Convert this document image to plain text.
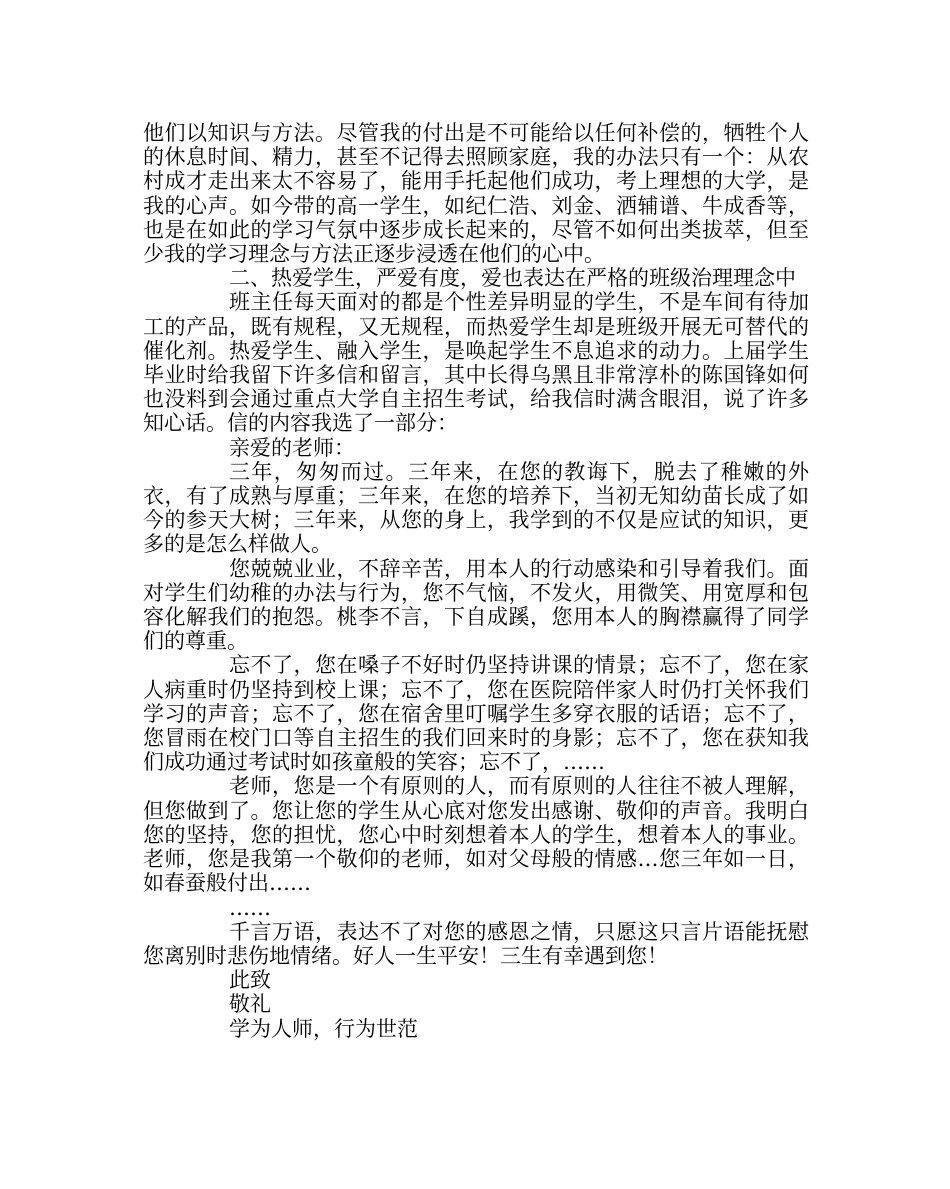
他们以知识与方法。尽管我的付出是不可能给以任何补偿的，牺牲个人的休息时间、精力，甚至不记得去照顾家庭，我的办法只有一个：从农村成才走出来太不容易了，能用手托起他们成功，考上理想的大学，是我的心声。如今带的高一学生，如纪仁浩、刘金、洒辅谱、牛成香等，也是在如此的学习气氛中逐步成长起来的，尽管不如何出类拔萃，但至少我的学习理念与方法正逐步浸透在他们的心中。

二、热爱学生，严爱有度，爱也表达在严格的班级治理理念中

班主任每天面对的都是个性差异明显的学生，不是车间有待加工的产品，既有规程，又无规程，而热爱学生却是班级开展无可替代的催化剂。热爱学生、融入学生，是唤起学生不息追求的动力。上届学生毕业时给我留下许多信和留言，其中长得乌黑且非常淳朴的陈国锋如何也没料到会通过重点大学自主招生考试，给我信时满含眼泪，说了许多知心话。信的内容我选了一部分：

亲爱的老师：

三年，匆匆而过。三年来，在您的教诲下，脱去了稚嫩的外衣，有了成熟与厚重；三年来，在您的培养下，当初无知幼苗长成了如今的参天大树；三年来，从您的身上，我学到的不仅是应试的知识，更多的是怎么样做人。

您兢兢业业，不辞辛苦，用本人的行动感染和引导着我们。面对学生们幼稚的办法与行为，您不气恼，不发火，用微笑、用宽厚和包容化解我们的抱怨。桃李不言，下自成蹊，您用本人的胸襟赢得了同学们的尊重。

忘不了，您在嗓子不好时仍坚持讲课的情景；忘不了，您在家人病重时仍坚持到校上课；忘不了，您在医院陪伴家人时仍打关怀我们学习的声音；忘不了，您在宿舍里叮嘱学生多穿衣服的话语；忘不了，您冒雨在校门口等自主招生的我们回来时的身影；忘不了，您在获知我们成功通过考试时如孩童般的笑容；忘不了，……

老师，您是一个有原则的人，而有原则的人往往不被人理解，但您做到了。您让您的学生从心底对您发出感谢、敬仰的声音。我明白您的坚持，您的担忧，您心中时刻想着本人的学生，想着本人的事业。老师，您是我第一个敬仰的老师，如对父母般的情感…您三年如一日，如春蚕般付出……

……

千言万语，表达不了对您的感恩之情，只愿这只言片语能抚慰您离别时悲伤地情绪。好人一生平安！三生有幸遇到您！

此致

敬礼

学为人师，行为世范
